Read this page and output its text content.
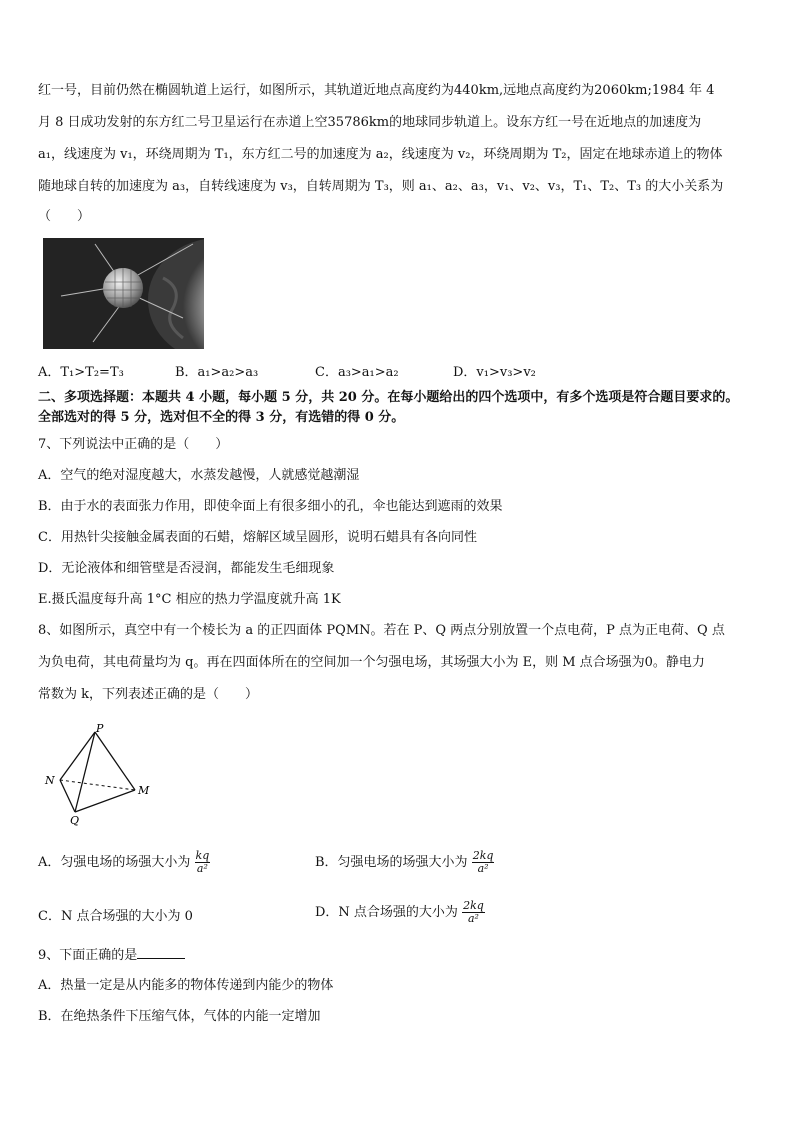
红一号，目前仍然在椭圆轨道上运行，如图所示，其轨道近地点高度约为440km,远地点高度约为2060km;1984 年 4
月 8 日成功发射的东方红二号卫星运行在赤道上空35786km的地球同步轨道上。设东方红一号在近地点的加速度为
a₁，线速度为 v₁，环绕周期为 T₁，东方红二号的加速度为 a₂，线速度为 v₂，环绕周期为 T₂，固定在地球赤道上的物体
随地球自转的加速度为 a₃，自转线速度为 v₃，自转周期为 T₃，则 a₁、a₂、a₃，v₁、v₂、v₃，T₁、T₂、T₃ 的大小关系为
（　　）
A．T₁>T₂=T₃	B．a₁>a₂>a₃	C．a₃>a₁>a₂	D．v₁>v₃>v₂
二、多项选择题：本题共 4 小题，每小题 5 分，共 20 分。在每小题给出的四个选项中，有多个选项是符合题目要求的。
全部选对的得 5 分，选对但不全的得 3 分，有选错的得 0 分。
7、下列说法中正确的是（　　）
A．空气的绝对湿度越大，水蒸发越慢，人就感觉越潮湿
B．由于水的表面张力作用，即使伞面上有很多细小的孔，伞也能达到遮雨的效果
C．用热针尖接触金属表面的石蜡，熔解区域呈圆形，说明石蜡具有各向同性
D．无论液体和细管壁是否浸润，都能发生毛细现象
E.摄氏温度每升高 1°C 相应的热力学温度就升高 1K
8、如图所示，真空中有一个棱长为 a 的正四面体 PQMN。若在 P、Q 两点分别放置一个点电荷，P 点为正电荷、Q 点
为负电荷，其电荷量均为 q。再在四面体所在的空间加一个匀强电场，其场强大小为 E，则 M 点合场强为0。静电力
常数为 k，下列表述正确的是（　　）
P
N
M
Q
A．匀强电场的场强大小为 $\frac{kq}{\text{a²}}$	B．匀强电场的场强大小为 $\frac{2kq}{\text{a²}}$
C．N 点合场强的大小为 0	D．N 点合场强的大小为 $\frac{2kq}{\text{a²}}$
9、下面正确的是
A．热量一定是从内能多的物体传递到内能少的物体
B．在绝热条件下压缩气体，气体的内能一定增加
